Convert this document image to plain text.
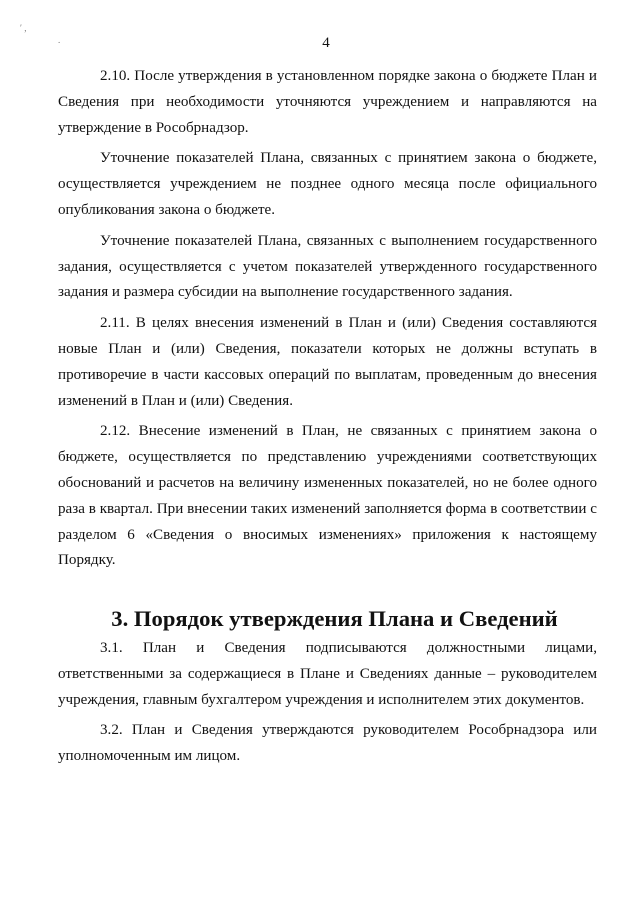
′ ,
.	4

2.10. После утверждения в установленном порядке закона о бюджете План и Сведения при необходимости уточняются учреждением и направляются на утверждение в Рособрнадзор.

Уточнение показателей Плана, связанных с принятием закона о бюджете, осуществляется учреждением не позднее одного месяца после официального опубликования закона о бюджете.

Уточнение показателей Плана, связанных с выполнением государственного задания, осуществляется с учетом показателей утвержденного государственного задания и размера субсидии на выполнение государственного задания.

2.11. В целях внесения изменений в План и (или) Сведения составляются новые План и (или) Сведения, показатели которых не должны вступать в противоречие в части кассовых операций по выплатам, проведенным до внесения изменений в План и (или) Сведения.

2.12. Внесение изменений в План, не связанных с принятием закона о бюджете, осуществляется по представлению учреждениями соответствующих обоснований и расчетов на величину измененных показателей, но не более одного раза в квартал. При внесении таких изменений заполняется форма в соответствии с разделом 6 «Сведения о вносимых изменениях» приложения к настоящему Порядку.

3. Порядок утверждения Плана и Сведений

3.1. План и Сведения подписываются должностными лицами, ответственными за содержащиеся в Плане и Сведениях данные – руководителем учреждения, главным бухгалтером учреждения и исполнителем этих документов.

3.2. План и Сведения утверждаются руководителем Рособрнадзора или уполномоченным им лицом.
